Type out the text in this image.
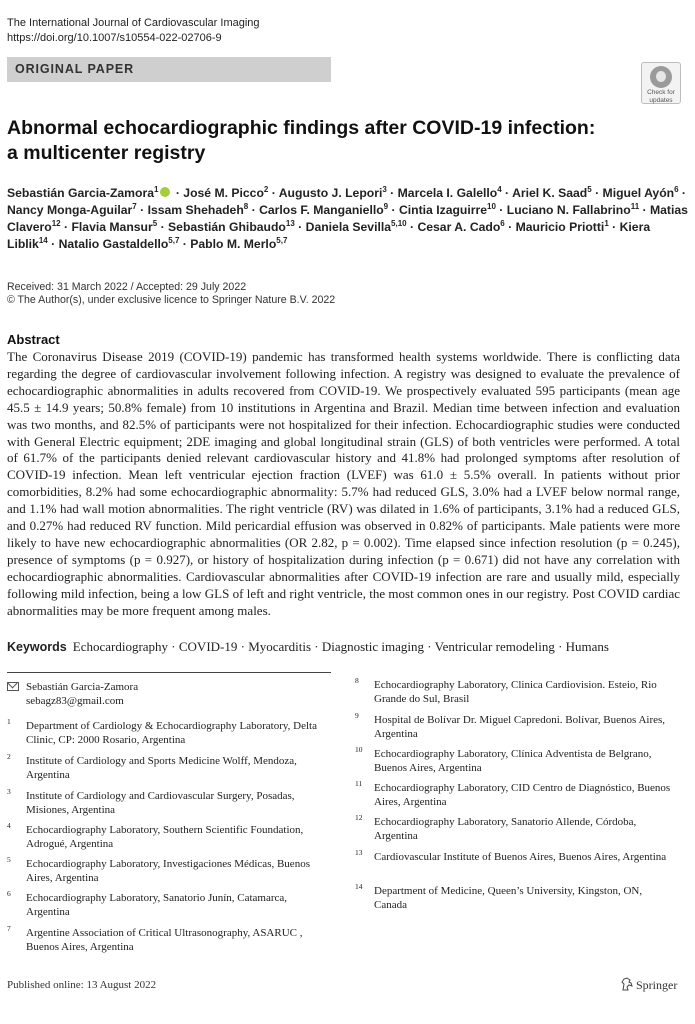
The International Journal of Cardiovascular Imaging
https://doi.org/10.1007/s10554-022-02706-9
ORIGINAL PAPER
Check for
updates
Abnormal echocardiographic findings after COVID-19 infection:
a multicenter registry
Sebastián Garcia-Zamora$^1$ · José M. Picco$^2$ · Augusto J. Lepori$^3$ · Marcela I. Galello$^4$ · Ariel K. Saad$^5$ · Miguel Ayón$^6$ · Nancy Monga-Aguilar$^7$ · Issam Shehadeh$^8$ · Carlos F. Manganiello$^9$ · Cintia Izaguirre$^{10}$ · Luciano N. Fallabrino$^{11}$ · Matias Clavero$^{12}$ · Flavia Mansur$^5$ · Sebastián Ghibaudo$^{13}$ · Daniela Sevilla$^{5,10}$ · Cesar A. Cado$^6$ · Mauricio Priotti$^1$ · Kiera Liblik$^{14}$ · Natalio Gastaldello$^{5,7}$ · Pablo M. Merlo$^{5,7}$
Received: 31 March 2022 / Accepted: 29 July 2022
© The Author(s), under exclusive licence to Springer Nature B.V. 2022
Abstract
The Coronavirus Disease 2019 (COVID-19) pandemic has transformed health systems worldwide. There is conflicting data regarding the degree of cardiovascular involvement following infection. A registry was designed to evaluate the prevalence of echocardiographic abnormalities in adults recovered from COVID-19. We prospectively evaluated 595 participants (mean age 45.5 ± 14.9 years; 50.8% female) from 10 institutions in Argentina and Brazil. Median time between infection and evaluation was two months, and 82.5% of participants were not hospitalized for their infection. Echocardiographic studies were conducted with General Electric equipment; 2DE imaging and global longitudinal strain (GLS) of both ventricles were performed. A total of 61.7% of the participants denied relevant cardiovascular history and 41.8% had prolonged symptoms after resolution of COVID-19 infection. Mean left ventricular ejection fraction (LVEF) was 61.0 ± 5.5% overall. In patients without prior comorbidities, 8.2% had some echocardiographic abnormality: 5.7% had reduced GLS, 3.0% had a LVEF below normal range, and 1.1% had wall motion abnormalities. The right ventricle (RV) was dilated in 1.6% of participants, 3.1% had a reduced GLS, and 0.27% had reduced RV function. Mild pericardial effusion was observed in 0.82% of participants. Male patients were more likely to have new echocardiographic abnormalities (OR 2.82, p = 0.002). Time elapsed since infection resolution (p = 0.245), presence of symptoms (p = 0.927), or history of hospitalization during infection (p = 0.671) did not have any correlation with echocardiographic abnormalities. Cardiovascular abnormalities after COVID-19 infection are rare and usually mild, especially following mild infection, being a low GLS of left and right ventricle, the most common ones in our registry. Post COVID cardiac abnormalities may be more frequent among males.
Keywords Echocardiography · COVID-19 · Myocarditis · Diagnostic imaging · Ventricular remodeling · Humans
Sebastián Garcia-Zamora
sebagz83@gmail.com
1 Department of Cardiology & Echocardiography Laboratory, Delta Clinic, CP: 2000 Rosario, Argentina
2 Institute of Cardiology and Sports Medicine Wolff, Mendoza, Argentina
3 Institute of Cardiology and Cardiovascular Surgery, Posadas, Misiones, Argentina
4 Echocardiography Laboratory, Southern Scientific Foundation, Adrogué, Argentina
5 Echocardiography Laboratory, Investigaciones Médicas, Buenos Aires, Argentina
6 Echocardiography Laboratory, Sanatorio Junín, Catamarca, Argentina
7 Argentine Association of Critical Ultrasonography, ASARUC , Buenos Aires, Argentina
8 Echocardiography Laboratory, Clinica Cardiovision. Esteio, Rio Grande do Sul, Brasil
9 Hospital de Bolívar Dr. Miguel Capredoni. Bolívar, Buenos Aires, Argentina
10 Echocardiography Laboratory, Clínica Adventista de Belgrano, Buenos Aires, Argentina
11 Echocardiography Laboratory, CID Centro de Diagnóstico, Buenos Aires, Argentina
12 Echocardiography Laboratory, Sanatorio Allende, Córdoba, Argentina
13 Cardiovascular Institute of Buenos Aires, Buenos Aires, Argentina
14 Department of Medicine, Queen’s University, Kingston, ON, Canada
Published online: 13 August 2022	Springer
